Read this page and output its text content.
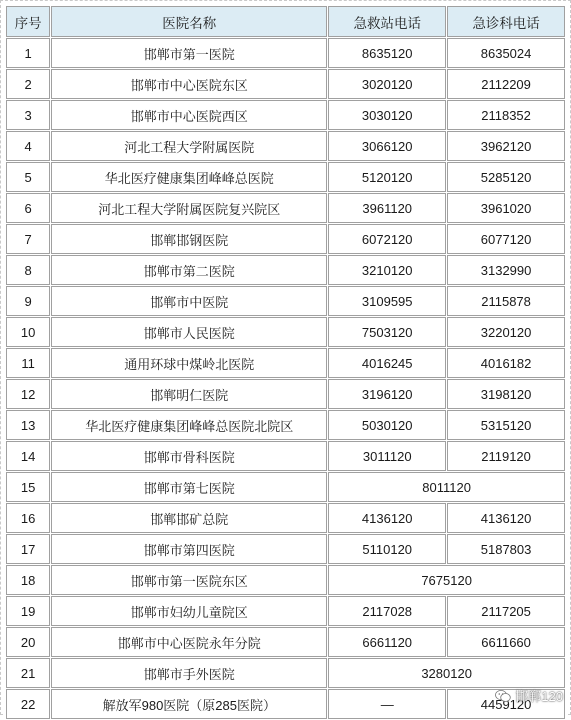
序号	医院名称	急救站电话	急诊科电话
1	邯郸市第一医院	8635120	8635024
2	邯郸市中心医院东区	3020120	2112209
3	邯郸市中心医院西区	3030120	2118352
4	河北工程大学附属医院	3066120	3962120
5	华北医疗健康集团峰峰总医院	5120120	5285120
6	河北工程大学附属医院复兴院区	3961120	3961020
7	邯郸邯钢医院	6072120	6077120
8	邯郸市第二医院	3210120	3132990
9	邯郸市中医院	3109595	2115878
10	邯郸市人民医院	7503120	3220120
11	通用环球中煤岭北医院	4016245	4016182
12	邯郸明仁医院	3196120	3198120
13	华北医疗健康集团峰峰总医院北院区	5030120	5315120
14	邯郸市骨科医院	3011120	2119120
15	邯郸市第七医院	8011120	
16	邯郸邯矿总院	4136120	4136120
17	邯郸市第四医院	5110120	5187803
18	邯郸市第一医院东区	7675120	
19	邯郸市妇幼儿童院区	2117028	2117205
20	邯郸市中心医院永年分院	6661120	6611660
21	邯郸市手外医院	3280120	
22	解放军980医院（原285医院）	—	4459120
邯郸120
